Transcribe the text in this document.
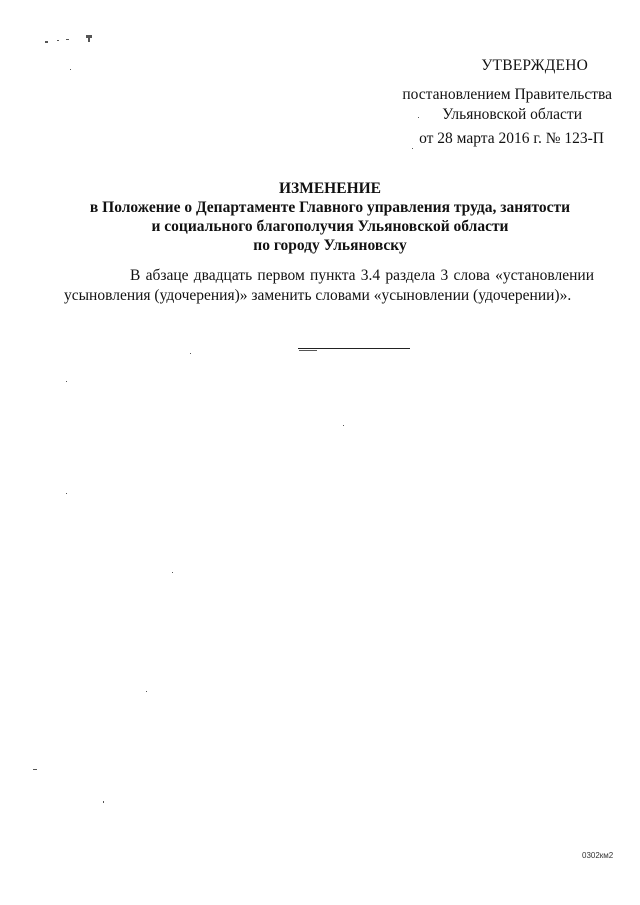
УТВЕРЖДЕНО
постановлением Правительства
Ульяновской области
от 28 марта 2016 г. № 123-П
ИЗМЕНЕНИЕ
в Положение о Департаменте Главного управления труда, занятости
и социального благополучия Ульяновской области
по городу Ульяновску
В абзаце двадцать первом пункта 3.4 раздела 3 слова «установлении усыновления (удочерения)» заменить словами «усыновлении (удочерении)».
0302км2
